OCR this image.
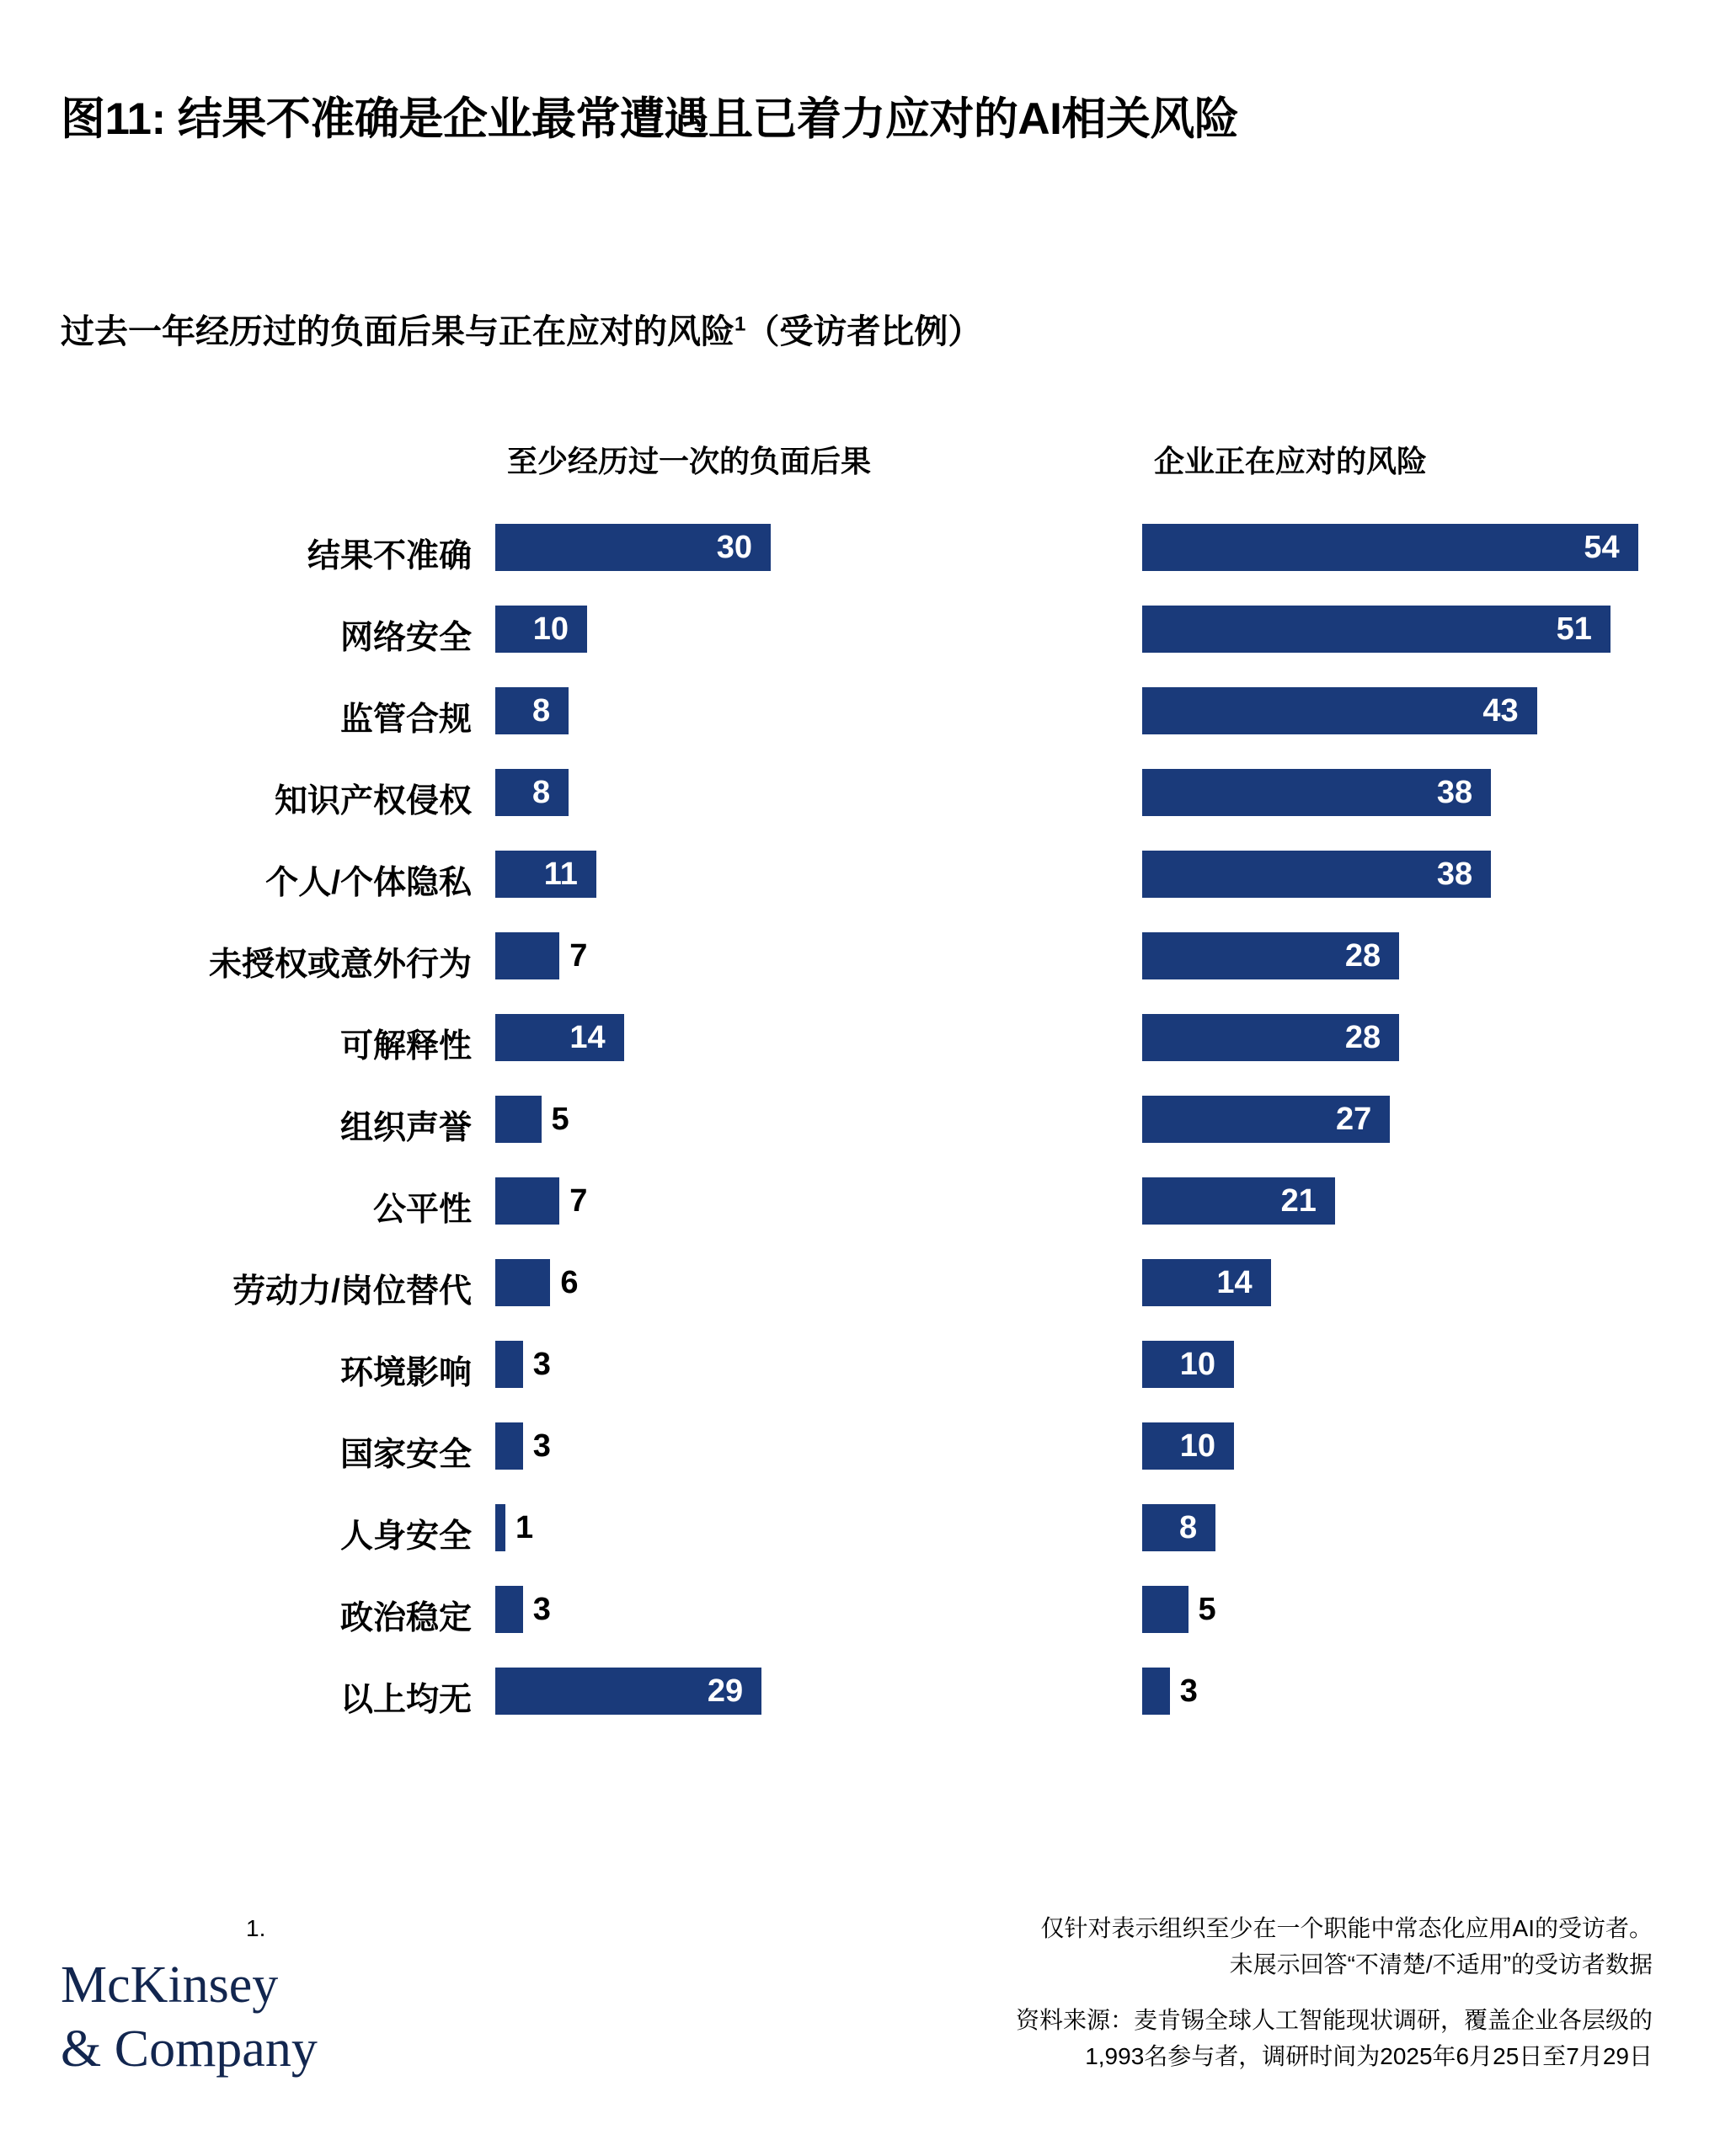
图11: 结果不准确是企业最常遭遇且已着力应对的AI相关风险
过去一年经历过的负面后果与正在应对的风险$^1$（受访者比例）
至少经历过一次的负面后果	企业正在应对的风险
结果不准确	30	54
网络安全 10	51
监管合规 8	43
知识产权侵权 8	38
个人/个体隐私 11	38
未授权或意外行为	7	28
可解释性	14	28
组织声誉 5	27
公平性	7	21
劳动力/岗位替代	6	14
环境影响 3	10
国家安全 3	10
人身安全 1	8
政治稳定 3	5
以上均无	29	3
McKinsey
& Company
1.	仅针对表示组织至少在一个职能中常态化应用AI的受访者。
未展示回答“不清楚/不适用”的受访者数据
资料来源：麦肯锡全球人工智能现状调研，覆盖企业各层级的
1,993名参与者，调研时间为2025年6月25日至7月29日
